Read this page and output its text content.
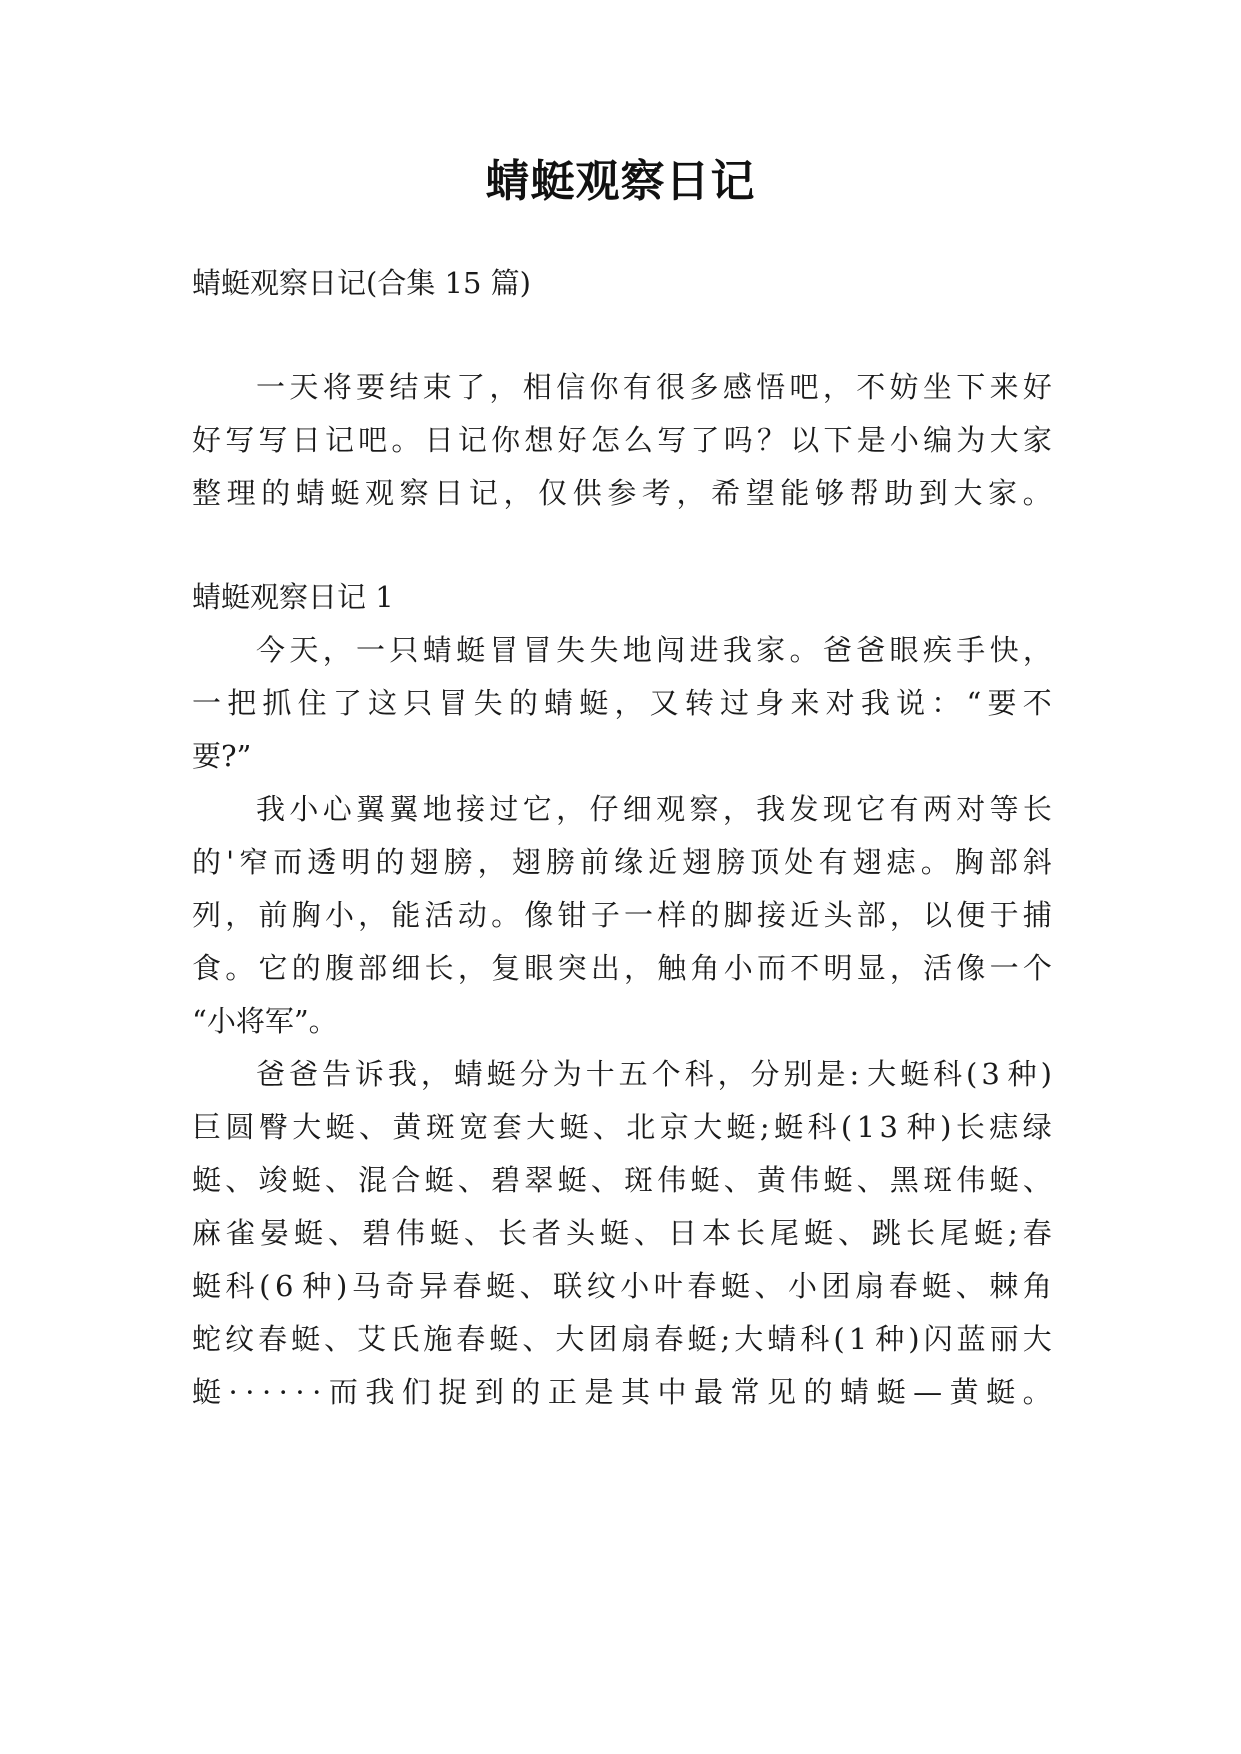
蜻蜓观察日记
蜻蜓观察日记(合集 15 篇)
一 天 将 要 结 束 了 ， 相 信 你 有 很 多 感 悟 吧 ， 不 妨 坐 下 来 好
好 写 写 日 记 吧 。 日 记 你 想 好 怎 么 写 了 吗 ？ 以 下 是 小 编 为 大 家
整 理 的 蜻 蜓 观 察 日 记 ， 仅 供 参 考 ， 希 望 能 够 帮 助 到 大 家 。
蜻蜓观察日记 1
今 天 ， 一 只 蜻 蜓 冒 冒 失 失 地 闯 进 我 家 。 爸 爸 眼 疾 手 快 ，
一 把 抓 住 了 这 只 冒 失 的 蜻 蜓 ， 又 转 过 身 来 对 我 说 ： “ 要 不
要?”
我 小 心 翼 翼 地 接 过 它 ， 仔 细 观 察 ， 我 发 现 它 有 两 对 等 长
的 ' 窄 而 透 明 的 翅 膀 ， 翅 膀 前 缘 近 翅 膀 顶 处 有 翅 痣 。 胸 部 斜
列 ， 前 胸 小 ， 能 活 动 。 像 钳 子 一 样 的 脚 接 近 头 部 ， 以 便 于 捕
食 。 它 的 腹 部 细 长 ， 复 眼 突 出 ， 触 角 小 而 不 明 显 ， 活 像 一 个
“小将军”。
爸 爸 告 诉 我 ， 蜻 蜓 分 为 十 五 个 科 ， 分 别 是 : 大 蜓 科 ( 3 种 )
巨 圆 臀 大 蜓 、 黄 斑 宽 套 大 蜓 、 北 京 大 蜓 ; 蜓 科 ( 1 3 种 ) 长 痣 绿
蜓 、 竣 蜓 、 混 合 蜓 、 碧 翠 蜓 、 斑 伟 蜓 、 黄 伟 蜓 、 黑 斑 伟 蜓 、
麻 雀 晏 蜓 、 碧 伟 蜓 、 长 者 头 蜓 、 日 本 长 尾 蜓 、 跳 长 尾 蜓 ; 春
蜓 科 ( 6 种 ) 马 奇 异 春 蜓 、 联 纹 小 叶 春 蜓 、 小 团 扇 春 蜓 、 棘 角
蛇 纹 春 蜓 、 艾 氏 施 春 蜓 、 大 团 扇 春 蜓 ; 大 蜻 科 ( 1 种 ) 闪 蓝 丽 大
蜓 · · · · · · 而 我 们 捉 到 的 正 是 其 中 最 常 见 的 蜻 蜓 — 黄 蜓 。
